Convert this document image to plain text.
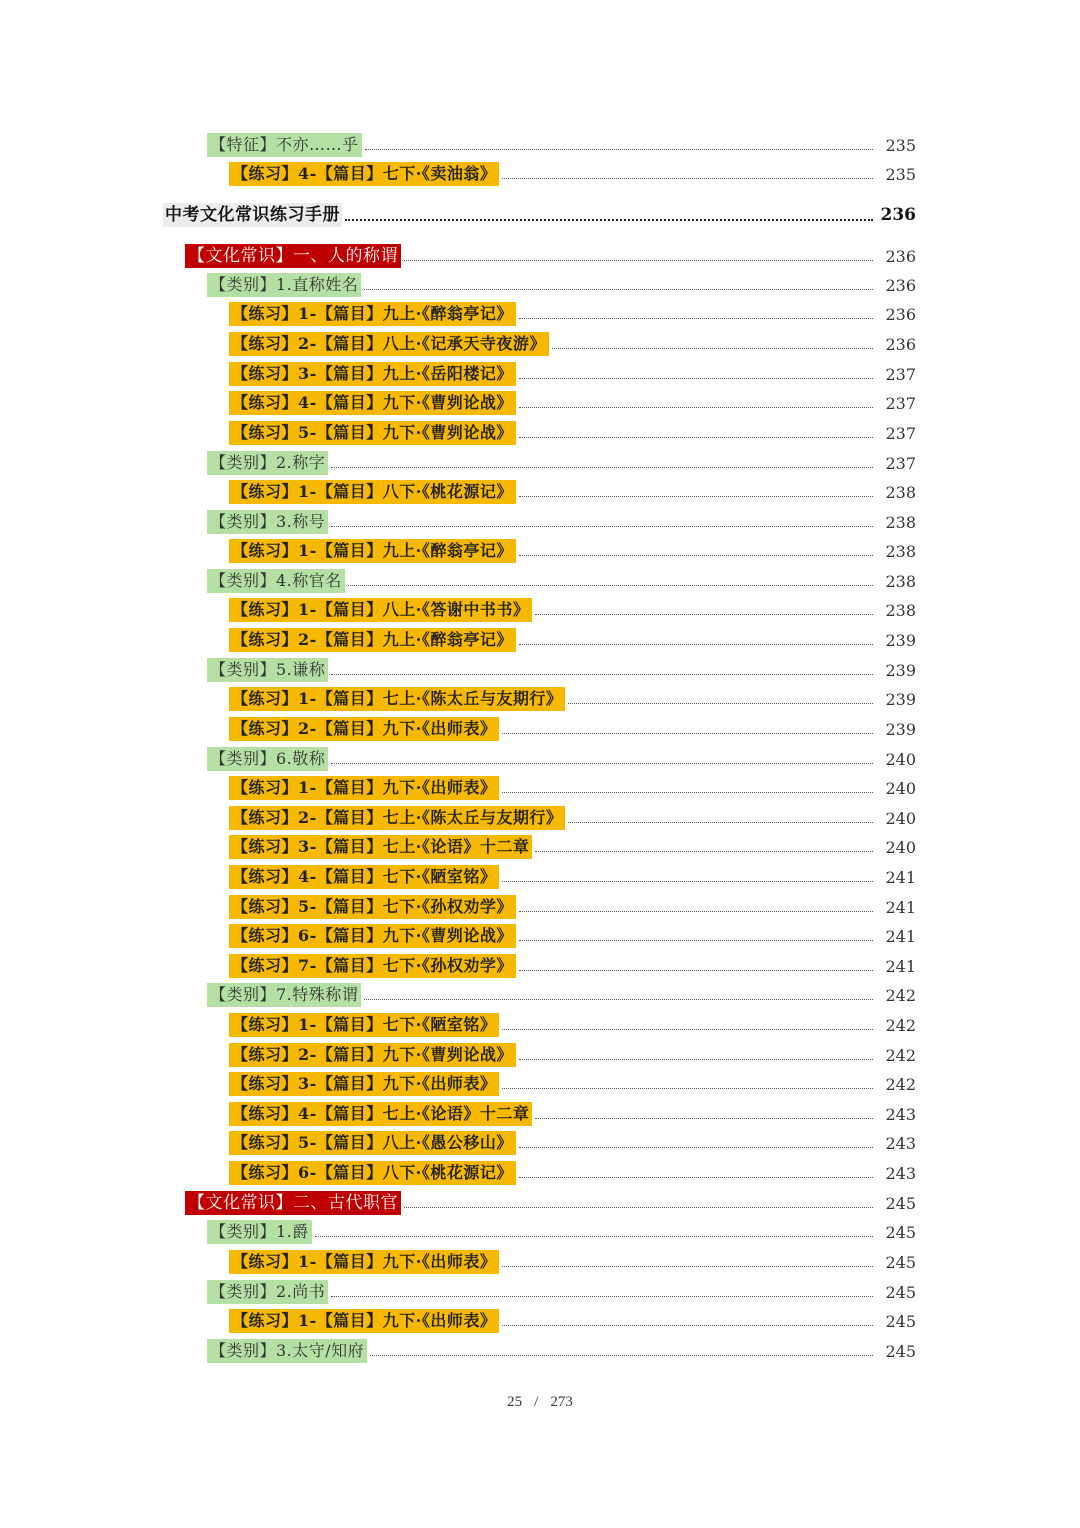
【特征】不亦……乎	235
【练习】4-【篇目】七下·《卖油翁》	235
中考文化常识练习手册	236
【文化常识】一、人的称谓	236
【类别】1.直称姓名	236
【练习】1-【篇目】九上·《醉翁亭记》	236
【练习】2-【篇目】八上·《记承天寺夜游》	236
【练习】3-【篇目】九上·《岳阳楼记》	237
【练习】4-【篇目】九下·《曹刿论战》	237
【练习】5-【篇目】九下·《曹刿论战》	237
【类别】2.称字	237
【练习】1-【篇目】八下·《桃花源记》	238
【类别】3.称号	238
【练习】1-【篇目】九上·《醉翁亭记》	238
【类别】4.称官名	238
【练习】1-【篇目】八上·《答谢中书书》	238
【练习】2-【篇目】九上·《醉翁亭记》	239
【类别】5.谦称	239
【练习】1-【篇目】七上·《陈太丘与友期行》	239
【练习】2-【篇目】九下·《出师表》	239
【类别】6.敬称	240
【练习】1-【篇目】九下·《出师表》	240
【练习】2-【篇目】七上·《陈太丘与友期行》	240
【练习】3-【篇目】七上·《论语》十二章	240
【练习】4-【篇目】七下·《陋室铭》	241
【练习】5-【篇目】七下·《孙权劝学》	241
【练习】6-【篇目】九下·《曹刿论战》	241
【练习】7-【篇目】七下·《孙权劝学》	241
【类别】7.特殊称谓	242
【练习】1-【篇目】七下·《陋室铭》	242
【练习】2-【篇目】九下·《曹刿论战》	242
【练习】3-【篇目】九下·《出师表》	242
【练习】4-【篇目】七上·《论语》十二章	243
【练习】5-【篇目】八上·《愚公移山》	243
【练习】6-【篇目】八下·《桃花源记》	243
【文化常识】二、古代职官	245
【类别】1.爵	245
【练习】1-【篇目】九下·《出师表》	245
【类别】2.尚书	245
【练习】1-【篇目】九下·《出师表》	245
【类别】3.太守/知府	245
25 / 273
